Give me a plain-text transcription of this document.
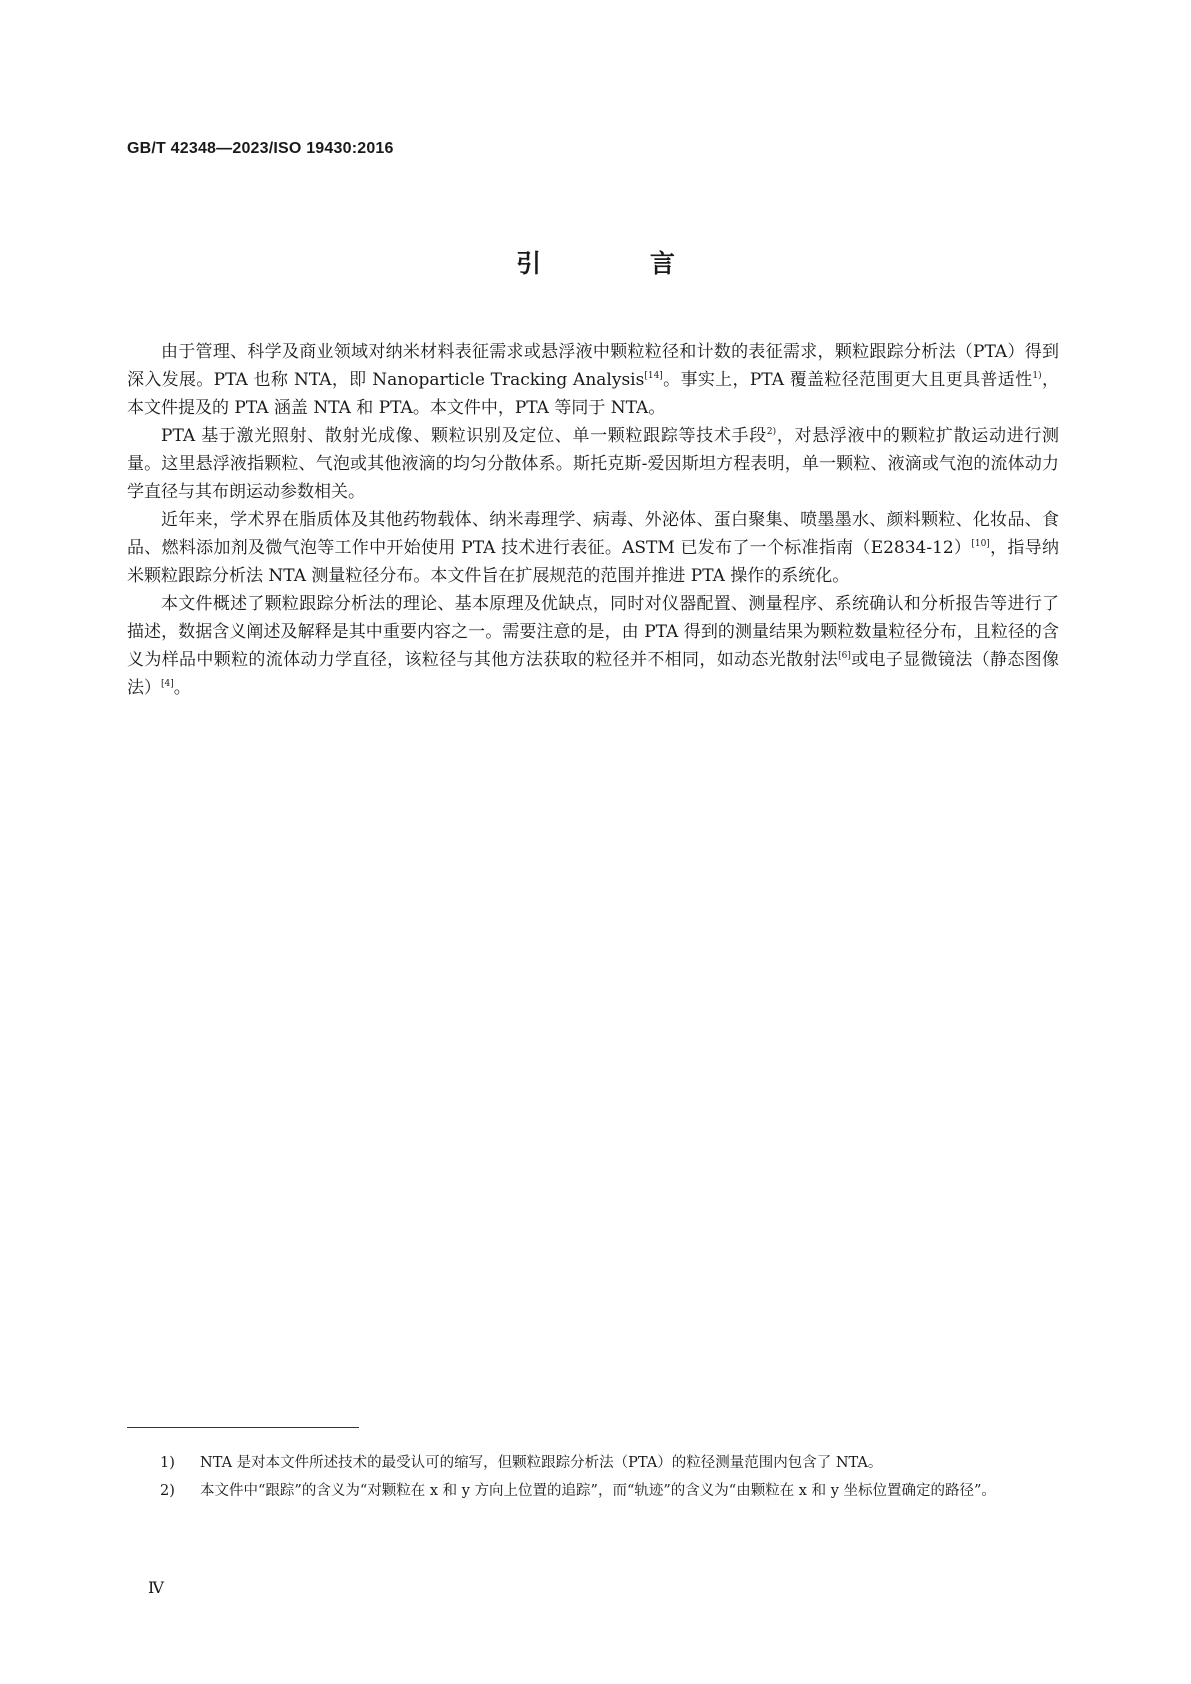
GB/T 42348—2023/ISO 19430:2016
引 言

由于管理、科学及商业领域对纳米材料表征需求或悬浮液中颗粒粒径和计数的表征需求，颗粒跟踪分析法（PTA）得到深入发展。PTA 也称 NTA，即 Nanoparticle Tracking Analysis[14]。事实上，PTA 覆盖粒径范围更大且更具普适性$^{1)}$，本文件提及的 PTA 涵盖 NTA 和 PTA。本文件中，PTA 等同于 NTA。

PTA 基于激光照射、散射光成像、颗粒识别及定位、单一颗粒跟踪等技术手段$^{2)}$，对悬浮液中的颗粒扩散运动进行测量。这里悬浮液指颗粒、气泡或其他液滴的均匀分散体系。斯托克斯-爱因斯坦方程表明，单一颗粒、液滴或气泡的流体动力学直径与其布朗运动参数相关。

近年来，学术界在脂质体及其他药物载体、纳米毒理学、病毒、外泌体、蛋白聚集、喷墨墨水、颜料颗粒、化妆品、食品、燃料添加剂及微气泡等工作中开始使用 PTA 技术进行表征。ASTM 已发布了一个标准指南（E2834-12）[10]，指导纳米颗粒跟踪分析法 NTA 测量粒径分布。本文件旨在扩展规范的范围并推进 PTA 操作的系统化。

本文件概述了颗粒跟踪分析法的理论、基本原理及优缺点，同时对仪器配置、测量程序、系统确认和分析报告等进行了描述，数据含义阐述及解释是其中重要内容之一。需要注意的是，由 PTA 得到的测量结果为颗粒数量粒径分布，且粒径的含义为样品中颗粒的流体动力学直径，该粒径与其他方法获取的粒径并不相同，如动态光散射法[6]或电子显微镜法（静态图像法）[4]。

1)	NTA 是对本文件所述技术的最受认可的缩写，但颗粒跟踪分析法（PTA）的粒径测量范围内包含了 NTA。
2)	本文件中“跟踪”的含义为“对颗粒在 x 和 y 方向上位置的追踪”，而“轨迹”的含义为“由颗粒在 x 和 y 坐标位置确定的路径”。
Ⅳ
